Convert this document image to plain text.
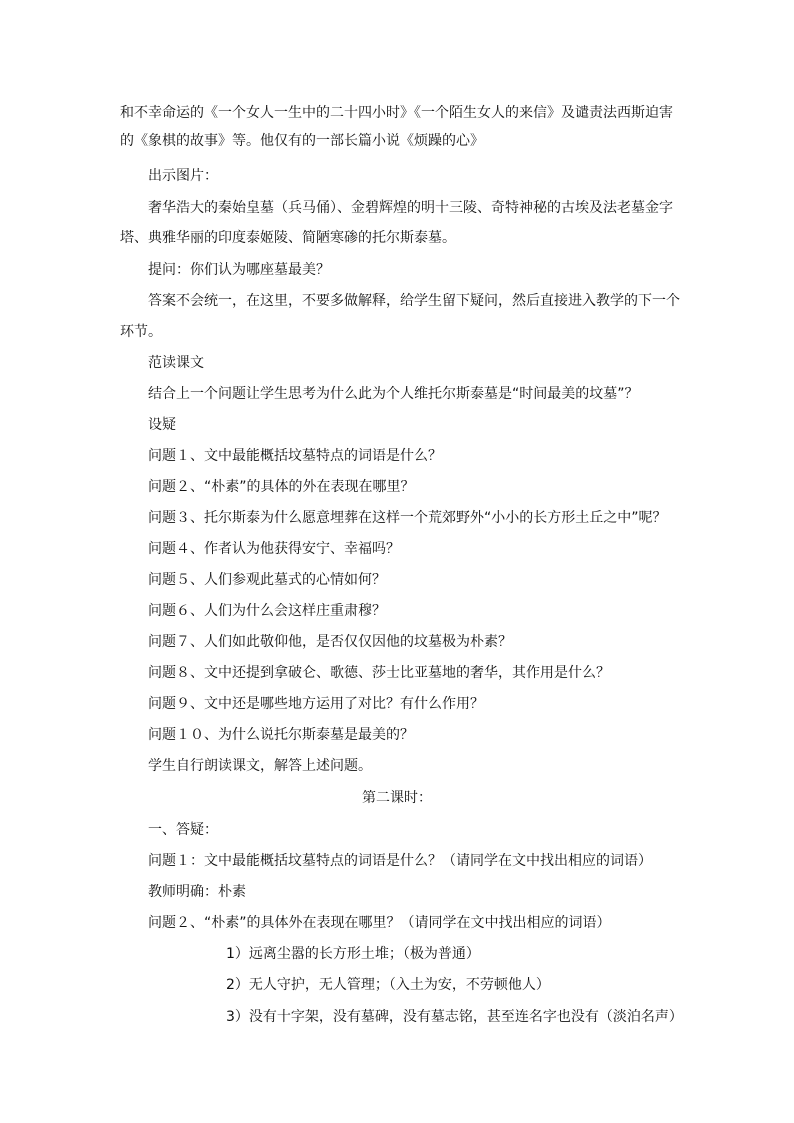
和不幸命运的《一个女人一生中的二十四小时》《一个陌生女人的来信》及谴责法西斯迫害
的《象棋的故事》等。他仅有的一部长篇小说《烦躁的心》
出示图片：
奢华浩大的秦始皇墓（兵马俑）、金碧辉煌的明十三陵、奇特神秘的古埃及法老墓金字
塔、典雅华丽的印度泰姬陵、简陋寒碜的托尔斯泰墓。
提问：你们认为哪座墓最美？
答案不会统一，在这里，不要多做解释，给学生留下疑问，然后直接进入教学的下一个
环节。
范读课文
结合上一个问题让学生思考为什么此为个人维托尔斯泰墓是“时间最美的坟墓”？
设疑
问题１、文中最能概括坟墓特点的词语是什么？
问题２、“朴素”的具体的外在表现在哪里？
问题３、托尔斯泰为什么愿意埋葬在这样一个荒郊野外“小小的长方形土丘之中”呢？
问题４、作者认为他获得安宁、幸福吗？
问题５、人们参观此墓式的心情如何？
问题６、人们为什么会这样庄重肃穆？
问题７、人们如此敬仰他，是否仅仅因他的坟墓极为朴素？
问题８、文中还提到拿破仑、歌德、莎士比亚墓地的奢华，其作用是什么？
问题９、文中还是哪些地方运用了对比？有什么作用？
问题１０、为什么说托尔斯泰墓是最美的？
学生自行朗读课文，解答上述问题。
第二课时：
一、答疑：
问题１：文中最能概括坟墓特点的词语是什么？（请同学在文中找出相应的词语）
教师明确：朴素
问题２、“朴素”的具体外在表现在哪里？（请同学在文中找出相应的词语）
1）远离尘嚣的长方形土堆；（极为普通）
2）无人守护，无人管理；（入土为安，不劳顿他人）
3）没有十字架，没有墓碑，没有墓志铭，甚至连名字也没有（淡泊名声）
